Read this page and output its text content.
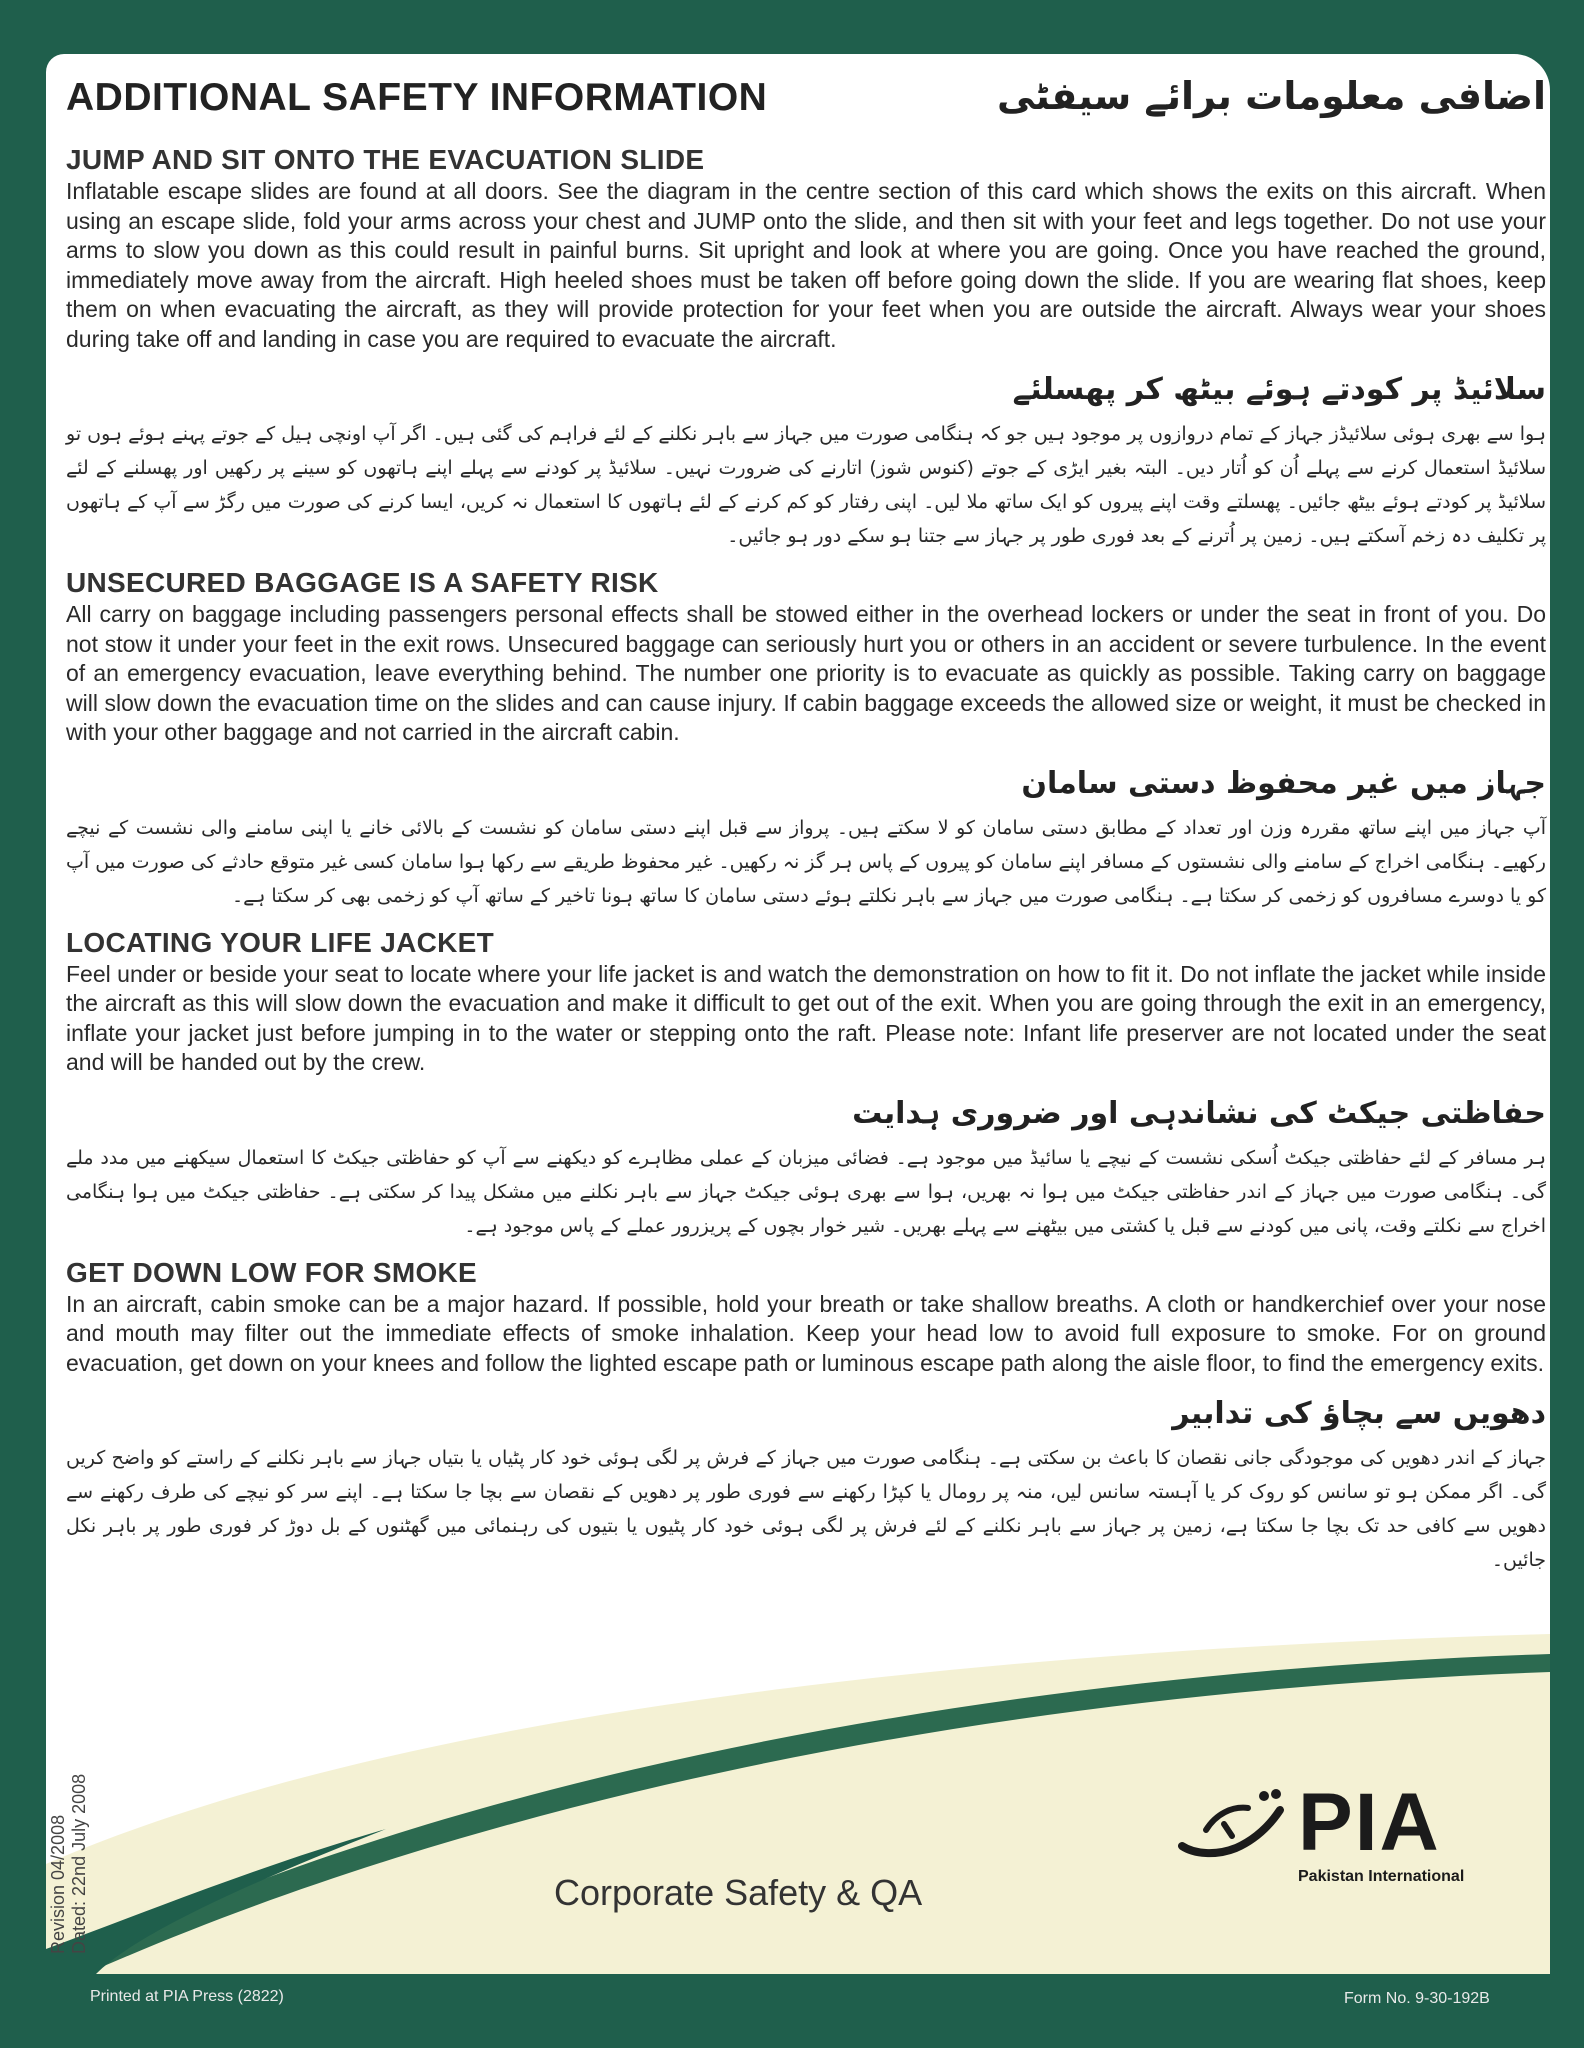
ADDITIONAL SAFETY INFORMATION	اضافی معلومات برائے سیفٹی
JUMP AND SIT ONTO THE EVACUATION SLIDE

Inflatable escape slides are found at all doors. See the diagram in the centre section of this card which shows the exits on this aircraft. When using an escape slide, fold your arms across your chest and JUMP onto the slide, and then sit with your feet and legs together. Do not use your arms to slow you down as this could result in painful burns. Sit upright and look at where you are going. Once you have reached the ground, immediately move away from the aircraft. High heeled shoes must be taken off before going down the slide. If you are wearing flat shoes, keep them on when evacuating the aircraft, as they will provide protection for your feet when you are outside the aircraft. Always wear your shoes during take off and landing in case you are required to evacuate the aircraft.

سلائیڈ پر کودتے ہوئے بیٹھ کر پھسلئے
ہوا سے بھری ہوئی سلائیڈز جہاز کے تمام دروازوں پر موجود ہیں جو کہ ہنگامی صورت میں جہاز سے باہر نکلنے کے لئے فراہم کی گئی ہیں۔ اگر آپ اونچی ہیل کے جوتے پہنے ہوئے ہوں تو سلائیڈ استعمال کرنے سے پہلے اُن کو اُتار دیں۔ البتہ بغیر ایڑی کے جوتے (کنوس شوز) اتارنے کی ضرورت نہیں۔ سلائیڈ پر کودنے سے پہلے اپنے ہاتھوں کو سینے پر رکھیں اور پھسلنے کے لئے سلائیڈ پر کودتے ہوئے بیٹھ جائیں۔ پھسلتے وقت اپنے پیروں کو ایک ساتھ ملا لیں۔ اپنی رفتار کو کم کرنے کے لئے ہاتھوں کا استعمال نہ کریں، ایسا کرنے کی صورت میں رگڑ سے آپ کے ہاتھوں پر تکلیف دہ زخم آسکتے ہیں۔ زمین پر اُترنے کے بعد فوری طور پر جہاز سے جتنا ہو سکے دور ہو جائیں۔
UNSECURED BAGGAGE IS A SAFETY RISK

All carry on baggage including passengers personal effects shall be stowed either in the overhead lockers or under the seat in front of you. Do not stow it under your feet in the exit rows. Unsecured baggage can seriously hurt you or others in an accident or severe turbulence. In the event of an emergency evacuation, leave everything behind. The number one priority is to evacuate as quickly as possible. Taking carry on baggage will slow down the evacuation time on the slides and can cause injury. If cabin baggage exceeds the allowed size or weight, it must be checked in with your other baggage and not carried in the aircraft cabin.

جہاز میں غیر محفوظ دستی سامان
آپ جہاز میں اپنے ساتھ مقررہ وزن اور تعداد کے مطابق دستی سامان کو لا سکتے ہیں۔ پرواز سے قبل اپنے دستی سامان کو نشست کے بالائی خانے یا اپنی سامنے والی نشست کے نیچے رکھیے۔ ہنگامی اخراج کے سامنے والی نشستوں کے مسافر اپنے سامان کو پیروں کے پاس ہر گز نہ رکھیں۔ غیر محفوظ طریقے سے رکھا ہوا سامان کسی غیر متوقع حادثے کی صورت میں آپ کو یا دوسرے مسافروں کو زخمی کر سکتا ہے۔ ہنگامی صورت میں جہاز سے باہر نکلتے ہوئے دستی سامان کا ساتھ ہونا تاخیر کے ساتھ آپ کو زخمی بھی کر سکتا ہے۔
LOCATING YOUR LIFE JACKET

Feel under or beside your seat to locate where your life jacket is and watch the demonstration on how to fit it. Do not inflate the jacket while inside the aircraft as this will slow down the evacuation and make it difficult to get out of the exit. When you are going through the exit in an emergency, inflate your jacket just before jumping in to the water or stepping onto the raft. Please note: Infant life preserver are not located under the seat and will be handed out by the crew.

حفاظتی جیکٹ کی نشاندہی اور ضروری ہدایت
ہر مسافر کے لئے حفاظتی جیکٹ اُسکی نشست کے نیچے یا سائیڈ میں موجود ہے۔ فضائی میزبان کے عملی مظاہرے کو دیکھنے سے آپ کو حفاظتی جیکٹ کا استعمال سیکھنے میں مدد ملے گی۔ ہنگامی صورت میں جہاز کے اندر حفاظتی جیکٹ میں ہوا نہ بھریں، ہوا سے بھری ہوئی جیکٹ جہاز سے باہر نکلنے میں مشکل پیدا کر سکتی ہے۔ حفاظتی جیکٹ میں ہوا ہنگامی اخراج سے نکلتے وقت، پانی میں کودنے سے قبل یا کشتی میں بیٹھنے سے پہلے بھریں۔ شیر خوار بچوں کے پریزرور عملے کے پاس موجود ہے۔
GET DOWN LOW FOR SMOKE

In an aircraft, cabin smoke can be a major hazard. If possible, hold your breath or take shallow breaths. A cloth or handkerchief over your nose and mouth may filter out the immediate effects of smoke inhalation. Keep your head low to avoid full exposure to smoke. For on ground evacuation, get down on your knees and follow the lighted escape path or luminous escape path along the aisle floor, to find the emergency exits.

دھویں سے بچاؤ کی تدابیر
جہاز کے اندر دھویں کی موجودگی جانی نقصان کا باعث بن سکتی ہے۔ ہنگامی صورت میں جہاز کے فرش پر لگی ہوئی خود کار پٹیاں یا بتیاں جہاز سے باہر نکلنے کے راستے کو واضح کریں گی۔ اگر ممکن ہو تو سانس کو روک کر یا آہستہ سانس لیں، منہ پر رومال یا کپڑا رکھنے سے فوری طور پر دھویں کے نقصان سے بچا جا سکتا ہے۔ اپنے سر کو نیچے کی طرف رکھنے سے دھویں سے کافی حد تک بچا جا سکتا ہے، زمین پر جہاز سے باہر نکلنے کے لئے فرش پر لگی ہوئی خود کار پٹیوں یا بتیوں کی رہنمائی میں گھٹنوں کے بل دوڑ کر فوری طور پر باہر نکل جائیں۔
Revision 04/2008 Dated: 22nd July 2008	Corporate Safety & QA
PIA
Pakistan International
Printed at PIA Press (2822)	Form No. 9-30-192B
